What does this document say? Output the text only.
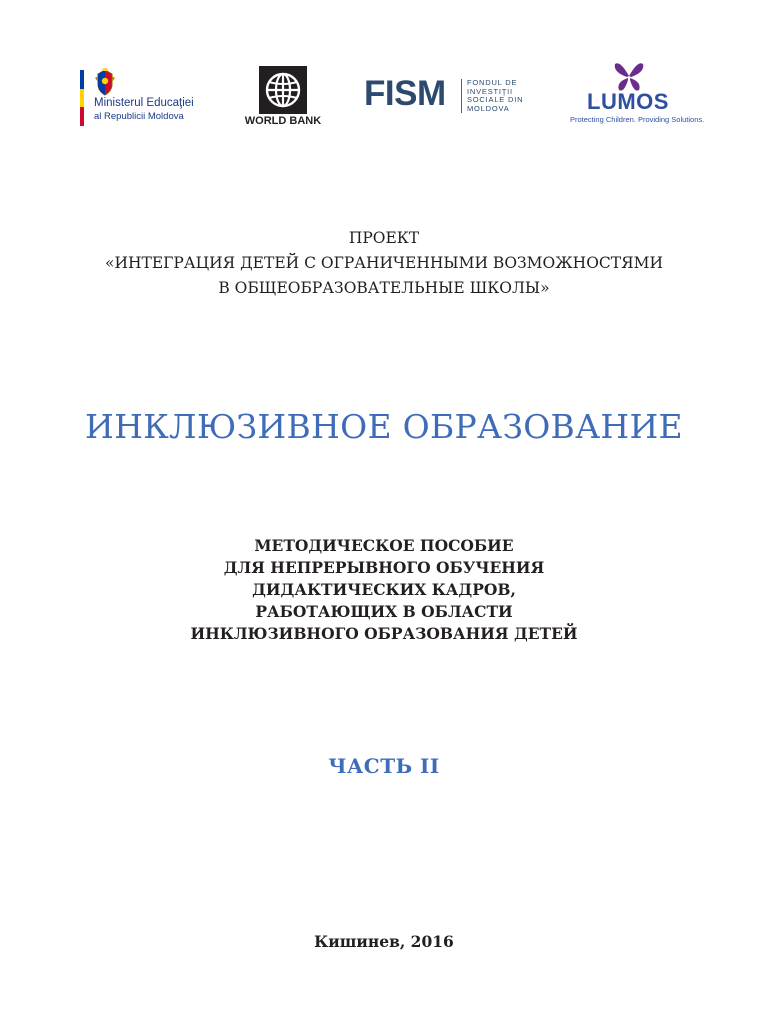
Ministerul Educaţiei
al Republicii Moldova	WORLD BANK
FISM	FONDUL DE
INVESTIŢII
SOCIALE DIN
MOLDOVA	LUMOS
Protecting Children. Providing Solutions.
ПРОЕКТ
«ИНТЕГРАЦИЯ ДЕТЕЙ С ОГРАНИЧЕННЫМИ ВОЗМОЖНОСТЯМИ
В ОБЩЕОБРАЗОВАТЕЛЬНЫЕ ШКОЛЫ»
ИНКЛЮЗИВНОЕ ОБРАЗОВАНИЕ
МЕТОДИЧЕСКОЕ ПОСОБИЕ
ДЛЯ НЕПРЕРЫВНОГО ОБУЧЕНИЯ
ДИДАКТИЧЕСКИХ КАДРОВ,
РАБОТАЮЩИХ В ОБЛАСТИ
ИНКЛЮЗИВНОГО ОБРАЗОВАНИЯ ДЕТЕЙ
ЧАСТЬ II
Кишинев, 2016
